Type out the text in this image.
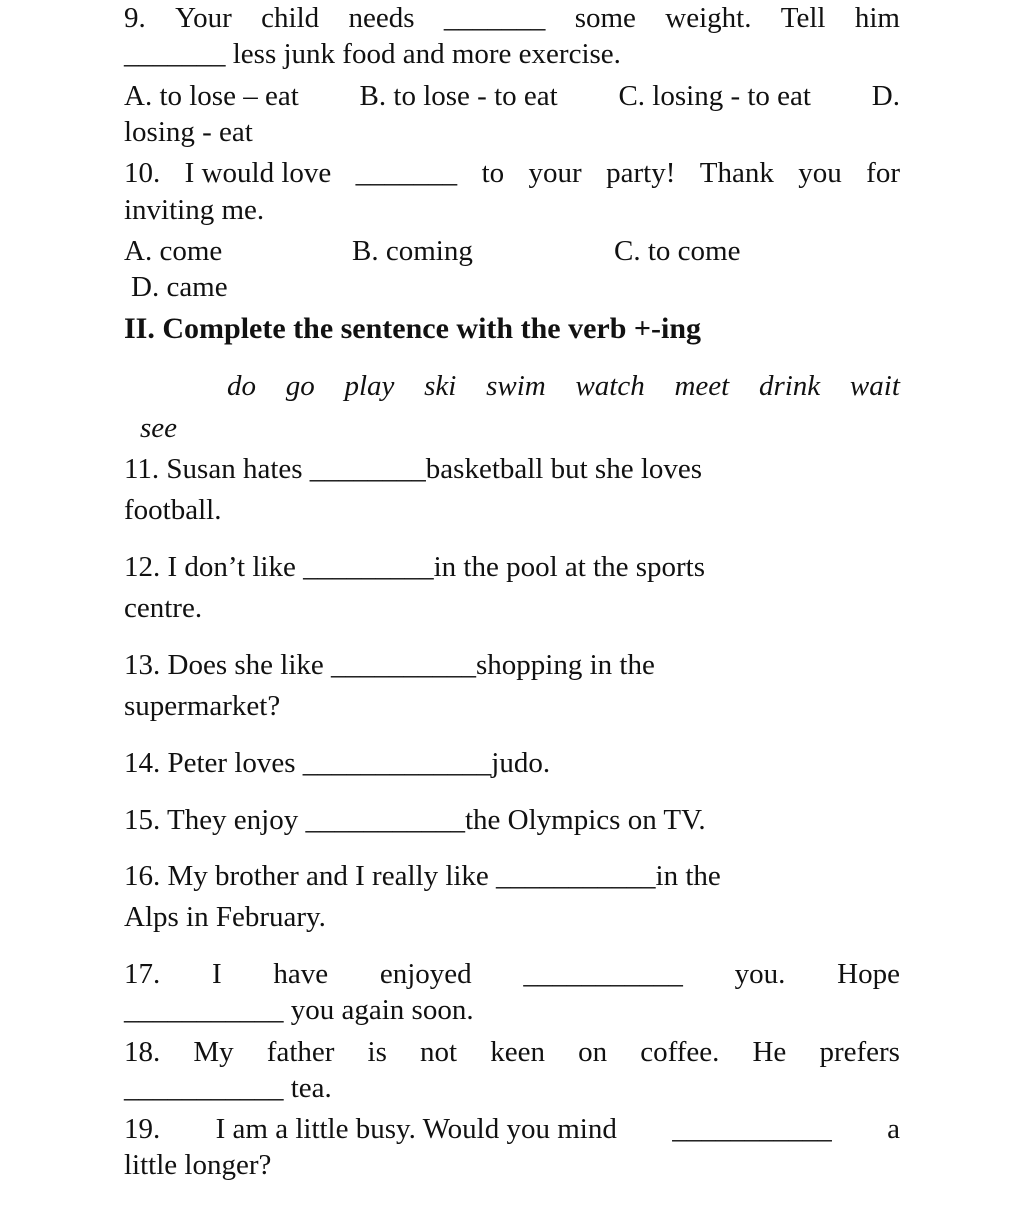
9. Your child needs _______ some weight. Tell him
_______ less junk food and more exercise.
A. to lose – eat B. to lose - to eat C. losing - to eat D.
losing - eat
10. I would love _______ to your party! Thank you for
inviting me.
A. come	B. coming	C. to come
D. came
II. Complete the sentence with the verb +-ing
do go play ski swim watch meet drink wait
see
11. Susan hates ________basketball but she loves
football.
12. I don’t like _________in the pool at the sports
centre.
13. Does she like __________shopping in the
supermarket?
14. Peter loves _____________judo.
15. They enjoy ___________the Olympics on TV.
16. My brother and I really like ___________in the
Alps in February.
17. I have enjoyed ___________ you. Hope
___________ you again soon.
18. My father is not keen on coffee. He prefers
___________ tea.
19. I am a little busy. Would you mind ___________ a
little longer?
